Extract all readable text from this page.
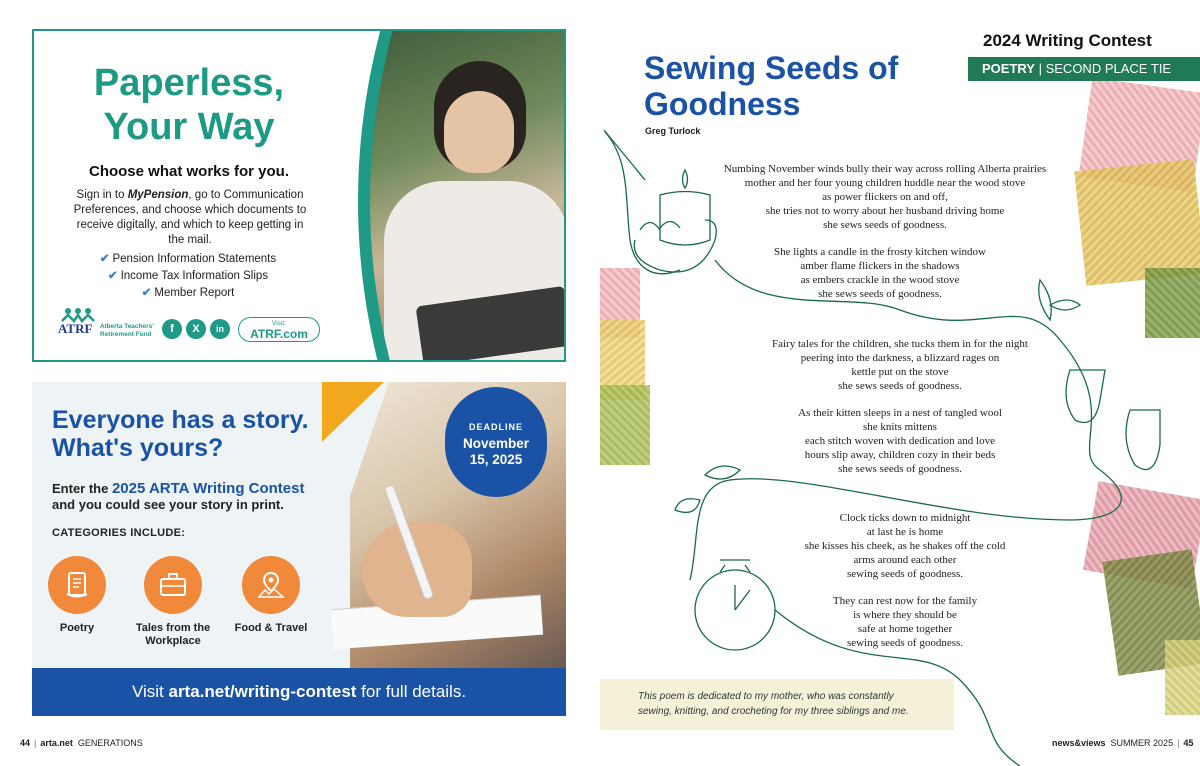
Paperless, Your Way
Choose what works for you.
Sign in to MyPension, go to Communication Preferences, and choose which documents to receive digitally, and which to keep getting in the mail.
✔ Pension Information Statements
✔ Income Tax Information Slips
✔ Member Report
ATRF Alberta Teachers' Retirement Fund	f	X	in
Visit:
ATRF.com
DEADLINE
November 15, 2025
Everyone has a story. What's yours?
Enter the 2025 ARTA Writing Contest
and you could see your story in print.
CATEGORIES INCLUDE:
Poetry	Tales from the Workplace
Food & Travel
Visit arta.net/writing-contest for full details.
44 | arta.net GENERATIONS
2024 Writing Contest
POETRY | SECOND PLACE TIE
Sewing Seeds of Goodness
Greg Turlock
Numbing November winds bully their way across rolling Alberta prairies
mother and her four young children huddle near the wood stove
as power flickers on and off,
she tries not to worry about her husband driving home
she sews seeds of goodness.
She lights a candle in the frosty kitchen window
amber flame flickers in the shadows
as embers crackle in the wood stove
she sews seeds of goodness.
Fairy tales for the children, she tucks them in for the night
peering into the darkness, a blizzard rages on
kettle put on the stove
she sews seeds of goodness.
As their kitten sleeps in a nest of tangled wool
she knits mittens
each stitch woven with dedication and love
hours slip away, children cozy in their beds
she sews seeds of goodness.
Clock ticks down to midnight
at last he is home
she kisses his cheek, as he shakes off the cold
arms around each other
sewing seeds of goodness.
They can rest now for the family
is where they should be
safe at home together
sewing seeds of goodness.
This poem is dedicated to my mother, who was constantly
sewing, knitting, and crocheting for my three siblings and me.
news&views SUMMER 2025 | 45
